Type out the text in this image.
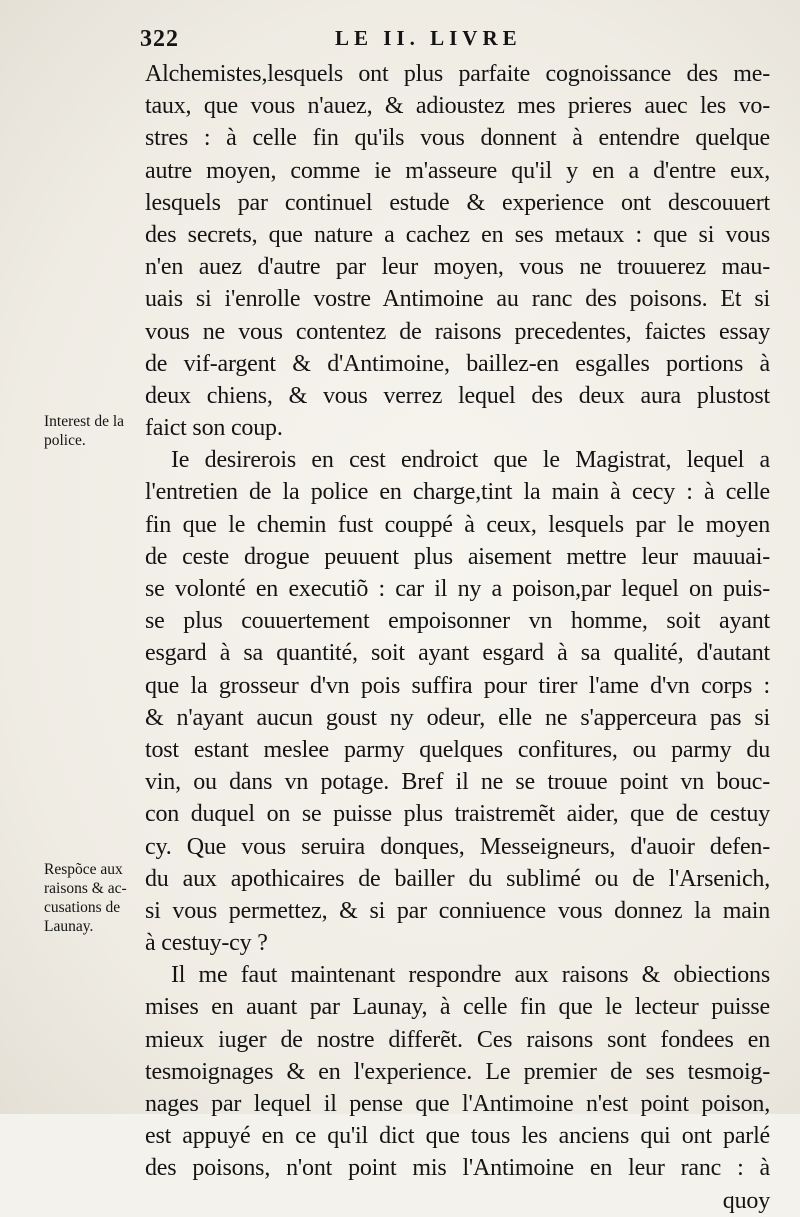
322	LE II. LIVRE
Interest de la
police.
Respõce aux
raisons & ac-
cusations de
Launay.
Alchemistes,lesquels ont plus parfaite cognoissance des me-
taux, que vous n'auez, & adioustez mes prieres auec les vo-
stres : à celle fin qu'ils vous donnent à entendre quelque
autre moyen, comme ie m'asseure qu'il y en a d'entre eux,
lesquels par continuel estude & experience ont descouuert
des secrets, que nature a cachez en ses metaux : que si vous
n'en auez d'autre par leur moyen, vous ne trouuerez mau-
uais si i'enrolle vostre Antimoine au ranc des poisons. Et si
vous ne vous contentez de raisons precedentes, faictes essay
de vif-argent & d'Antimoine, baillez-en esgalles portions à
deux chiens, & vous verrez lequel des deux aura plustost
faict son coup.
Ie desirerois en cest endroict que le Magistrat, lequel a
l'entretien de la police en charge,tint la main à cecy : à celle
fin que le chemin fust couppé à ceux, lesquels par le moyen
de ceste drogue peuuent plus aisement mettre leur mauuai-
se volonté en executiõ : car il ny a poison,par lequel on puis-
se plus couuertement empoisonner vn homme, soit ayant
esgard à sa quantité, soit ayant esgard à sa qualité, d'autant
que la grosseur d'vn pois suffira pour tirer l'ame d'vn corps :
& n'ayant aucun goust ny odeur, elle ne s'apperceura pas si
tost estant meslee parmy quelques confitures, ou parmy du
vin, ou dans vn potage. Bref il ne se trouue point vn bouc-
con duquel on se puisse plus traistremẽt aider, que de cestuy
cy. Que vous seruira donques, Messeigneurs, d'auoir defen-
du aux apothicaires de bailler du sublimé ou de l'Arsenich,
si vous permettez, & si par conniuence vous donnez la main
à cestuy-cy ?
Il me faut maintenant respondre aux raisons & obiections
mises en auant par Launay, à celle fin que le lecteur puisse
mieux iuger de nostre differẽt. Ces raisons sont fondees en
tesmoignages & en l'experience. Le premier de ses tesmoig-
nages par lequel il pense que l'Antimoine n'est point poison,
est appuyé en ce qu'il dict que tous les anciens qui ont parlé
des poisons, n'ont point mis l'Antimoine en leur ranc : à
quoy
